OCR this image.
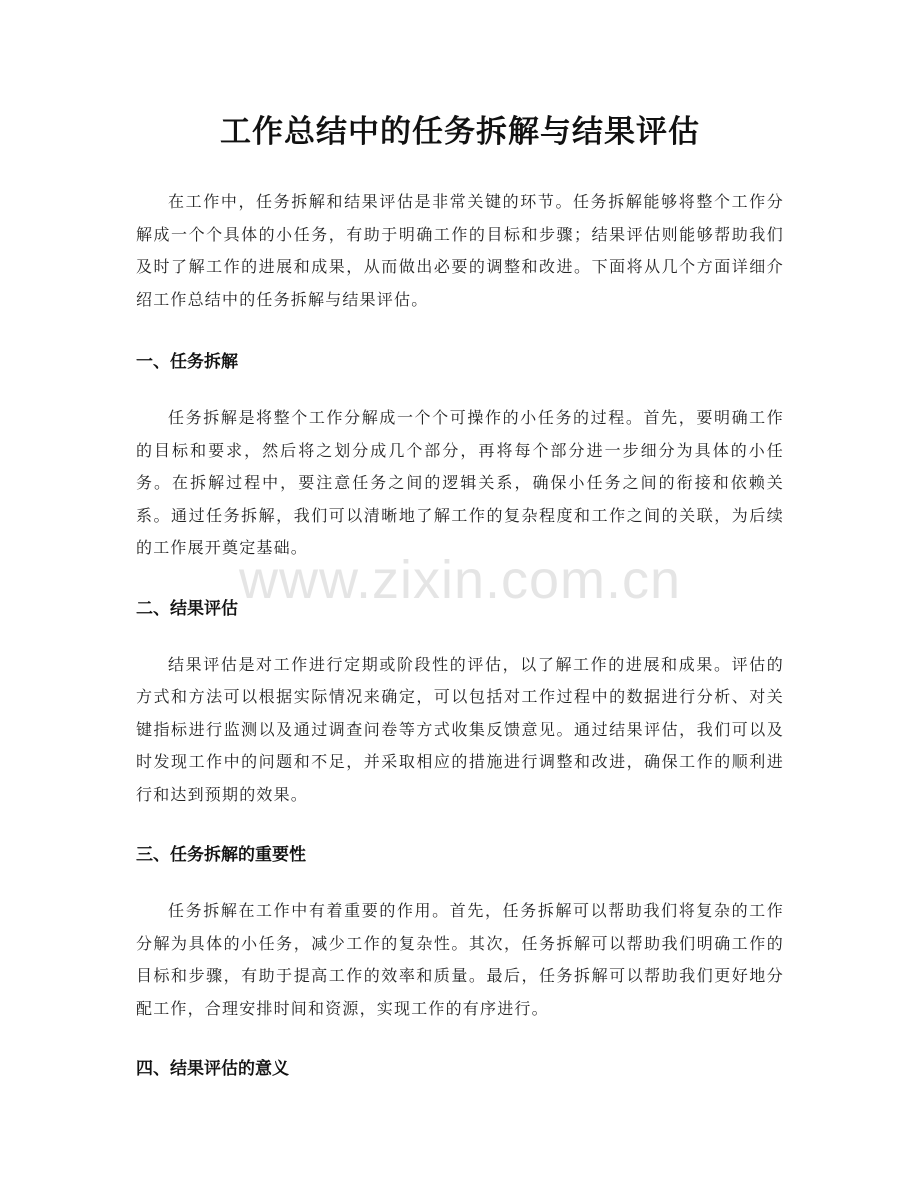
工作总结中的任务拆解与结果评估

在工作中，任务拆解和结果评估是非常关键的环节。任务拆解能够将整个工作分解成一个个具体的小任务，有助于明确工作的目标和步骤；结果评估则能够帮助我们及时了解工作的进展和成果，从而做出必要的调整和改进。下面将从几个方面详细介绍工作总结中的任务拆解与结果评估。

一、任务拆解

任务拆解是将整个工作分解成一个个可操作的小任务的过程。首先，要明确工作的目标和要求，然后将之划分成几个部分，再将每个部分进一步细分为具体的小任务。在拆解过程中，要注意任务之间的逻辑关系，确保小任务之间的衔接和依赖关系。通过任务拆解，我们可以清晰地了解工作的复杂程度和工作之间的关联，为后续的工作展开奠定基础。

二、结果评估

结果评估是对工作进行定期或阶段性的评估，以了解工作的进展和成果。评估的方式和方法可以根据实际情况来确定，可以包括对工作过程中的数据进行分析、对关键指标进行监测以及通过调查问卷等方式收集反馈意见。通过结果评估，我们可以及时发现工作中的问题和不足，并采取相应的措施进行调整和改进，确保工作的顺利进行和达到预期的效果。

三、任务拆解的重要性

任务拆解在工作中有着重要的作用。首先，任务拆解可以帮助我们将复杂的工作分解为具体的小任务，减少工作的复杂性。其次，任务拆解可以帮助我们明确工作的目标和步骤，有助于提高工作的效率和质量。最后，任务拆解可以帮助我们更好地分配工作，合理安排时间和资源，实现工作的有序进行。

四、结果评估的意义
www.zixin.com.cn
